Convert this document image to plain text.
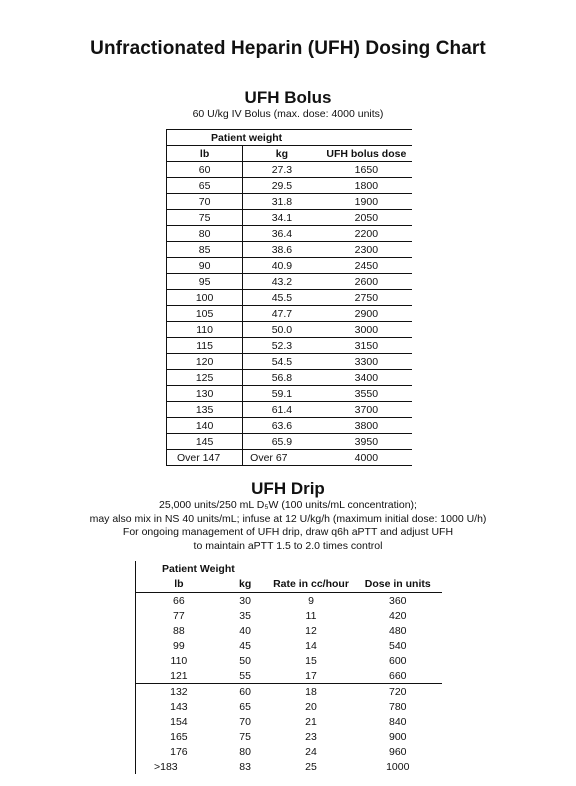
Unfractionated Heparin (UFH) Dosing Chart
UFH Bolus
60 U/kg IV Bolus (max. dose: 4000 units)
Patient weight		
lb	kg	UFH bolus dose
60	27.3	1650
65	29.5	1800
70	31.8	1900
75	34.1	2050
80	36.4	2200
85	38.6	2300
90	40.9	2450
95	43.2	2600
100	45.5	2750
105	47.7	2900
110	50.0	3000
115	52.3	3150
120	54.5	3300
125	56.8	3400
130	59.1	3550
135	61.4	3700
140	63.6	3800
145	65.9	3950
Over 147	Over 67	4000
UFH Drip
25,000 units/250 mL D₅W (100 units/mL concentration);
may also mix in NS 40 units/mL; infuse at 12 U/kg/h (maximum initial dose: 1000 U/h)
For ongoing management of UFH drip, draw q6h aPTT and adjust UFH
to maintain aPTT 1.5 to 2.0 times control
Patient Weight			
lb	kg	Rate in cc/hour	Dose in units
66	30	9	360
77	35	11	420
88	40	12	480
99	45	14	540
110	50	15	600
121	55	17	660
132	60	18	720
143	65	20	780
154	70	21	840
165	75	23	900
176	80	24	960
>183	83	25	1000
